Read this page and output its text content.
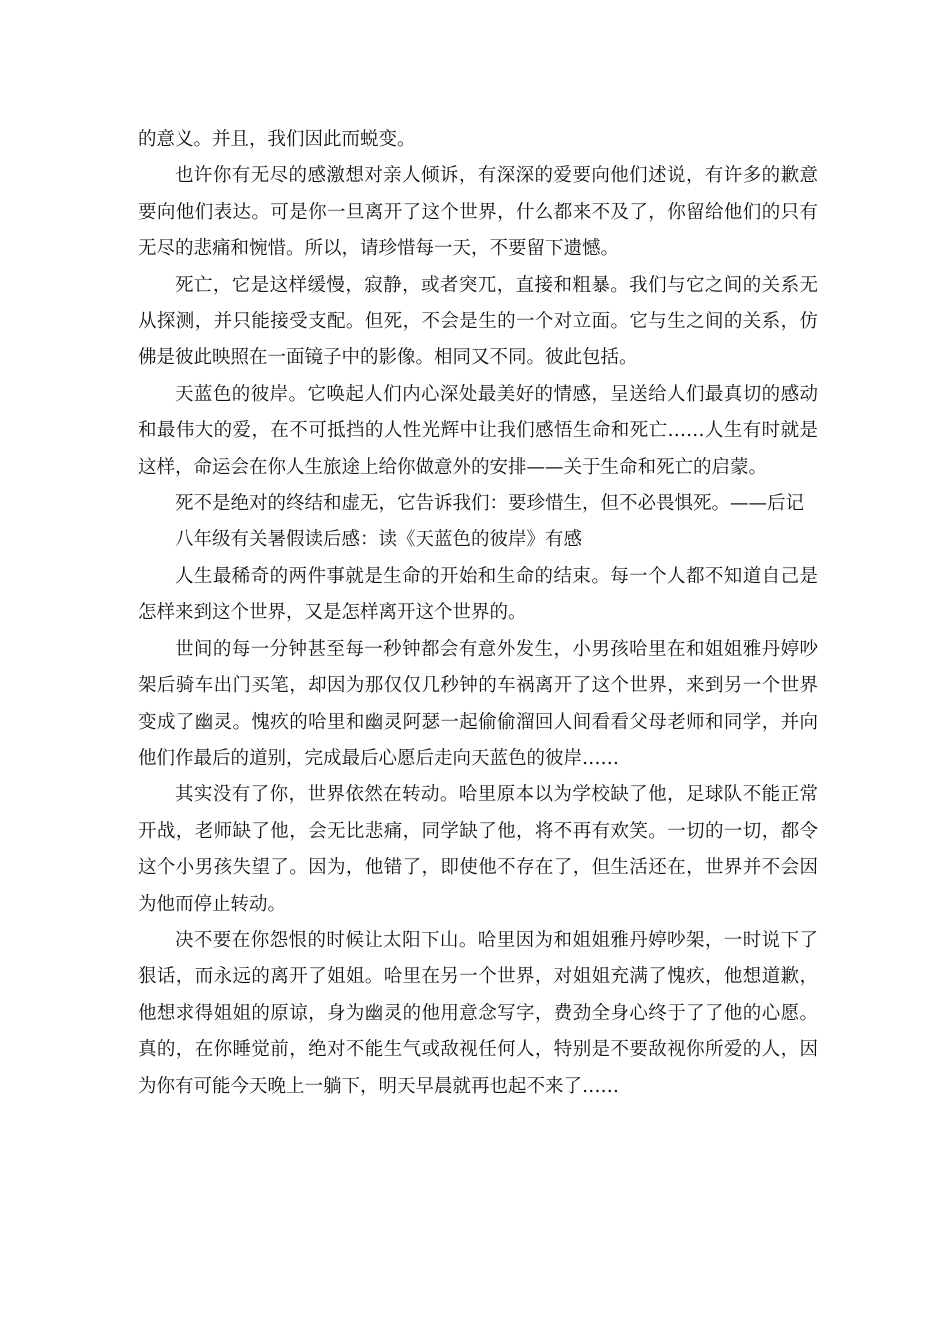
的意义。并且，我们因此而蜕变。

也许你有无尽的感激想对亲人倾诉，有深深的爱要向他们述说，有许多的歉意要向他们表达。可是你一旦离开了这个世界，什么都来不及了，你留给他们的只有无尽的悲痛和惋惜。所以，请珍惜每一天，不要留下遗憾。

死亡，它是这样缓慢，寂静，或者突兀，直接和粗暴。我们与它之间的关系无从探测，并只能接受支配。但死，不会是生的一个对立面。它与生之间的关系，仿佛是彼此映照在一面镜子中的影像。相同又不同。彼此包括。

天蓝色的彼岸。它唤起人们内心深处最美好的情感，呈送给人们最真切的感动和最伟大的爱，在不可抵挡的人性光辉中让我们感悟生命和死亡……人生有时就是这样，命运会在你人生旅途上给你做意外的安排——关于生命和死亡的启蒙。

死不是绝对的终结和虚无，它告诉我们：要珍惜生，但不必畏惧死。——后记

八年级有关暑假读后感：读《天蓝色的彼岸》有感

人生最稀奇的两件事就是生命的开始和生命的结束。每一个人都不知道自己是怎样来到这个世界，又是怎样离开这个世界的。

世间的每一分钟甚至每一秒钟都会有意外发生，小男孩哈里在和姐姐雅丹婷吵架后骑车出门买笔，却因为那仅仅几秒钟的车祸离开了这个世界，来到另一个世界变成了幽灵。愧疚的哈里和幽灵阿瑟一起偷偷溜回人间看看父母老师和同学，并向他们作最后的道别，完成最后心愿后走向天蓝色的彼岸……

其实没有了你，世界依然在转动。哈里原本以为学校缺了他，足球队不能正常开战，老师缺了他，会无比悲痛，同学缺了他，将不再有欢笑。一切的一切，都令这个小男孩失望了。因为，他错了，即使他不存在了，但生活还在，世界并不会因为他而停止转动。

决不要在你怨恨的时候让太阳下山。哈里因为和姐姐雅丹婷吵架，一时说下了狠话，而永远的离开了姐姐。哈里在另一个世界，对姐姐充满了愧疚，他想道歉，他想求得姐姐的原谅，身为幽灵的他用意念写字，费劲全身心终于了了他的心愿。真的，在你睡觉前，绝对不能生气或敌视任何人，特别是不要敌视你所爱的人，因为你有可能今天晚上一躺下，明天早晨就再也起不来了……
